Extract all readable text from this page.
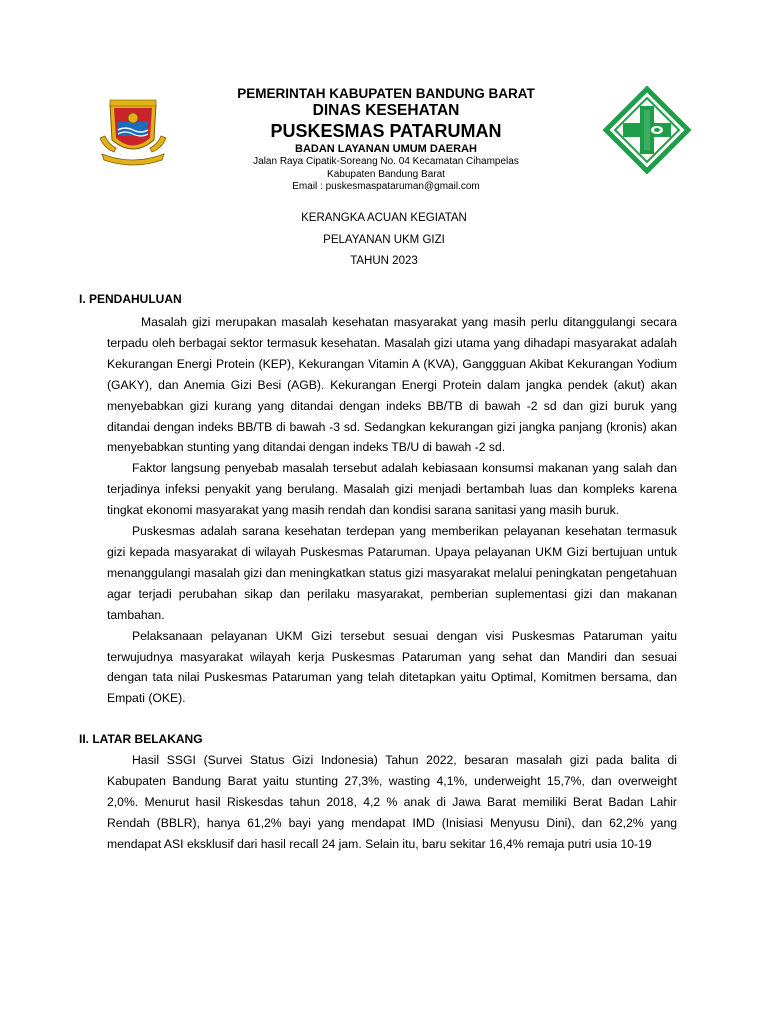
PEMERINTAH KABUPATEN BANDUNG BARAT
DINAS KESEHATAN
PUSKESMAS PATARUMAN
BADAN LAYANAN UMUM DAERAH
Jalan Raya Cipatik-Soreang No. 04 Kecamatan Cihampelas
Kabupaten Bandung Barat
Email : puskesmaspataruman@gmail.com
KERANGKA ACUAN KEGIATAN
PELAYANAN UKM GIZI
TAHUN 2023
I. PENDAHULUAN

Masalah gizi merupakan masalah kesehatan masyarakat yang masih perlu ditanggulangi secara terpadu oleh berbagai sektor termasuk kesehatan. Masalah gizi utama yang dihadapi masyarakat adalah Kekurangan Energi Protein (KEP), Kekurangan Vitamin A (KVA), Ganggguan Akibat Kekurangan Yodium (GAKY), dan Anemia Gizi Besi (AGB). Kekurangan Energi Protein dalam jangka pendek (akut) akan menyebabkan gizi kurang yang ditandai dengan indeks BB/TB di bawah -2 sd dan gizi buruk yang ditandai dengan indeks BB/TB di bawah -3 sd. Sedangkan kekurangan gizi jangka panjang (kronis) akan menyebabkan stunting yang ditandai dengan indeks TB/U di bawah -2 sd.

Faktor langsung penyebab masalah tersebut adalah kebiasaan konsumsi makanan yang salah dan terjadinya infeksi penyakit yang berulang. Masalah gizi menjadi bertambah luas dan kompleks karena tingkat ekonomi masyarakat yang masih rendah dan kondisi sarana sanitasi yang masih buruk.

Puskesmas adalah sarana kesehatan terdepan yang memberikan pelayanan kesehatan termasuk gizi kepada masyarakat di wilayah Puskesmas Pataruman. Upaya pelayanan UKM Gizi bertujuan untuk menanggulangi masalah gizi dan meningkatkan status gizi masyarakat melalui peningkatan pengetahuan agar terjadi perubahan sikap dan perilaku masyarakat, pemberian suplementasi gizi dan makanan tambahan.

Pelaksanaan pelayanan UKM Gizi tersebut sesuai dengan visi Puskesmas Pataruman yaitu terwujudnya masyarakat wilayah kerja Puskesmas Pataruman yang sehat dan Mandiri dan sesuai dengan tata nilai Puskesmas Pataruman yang telah ditetapkan yaitu Optimal, Komitmen bersama, dan Empati (OKE).

II. LATAR BELAKANG

Hasil SSGI (Survei Status Gizi Indonesia) Tahun 2022, besaran masalah gizi pada balita di Kabupaten Bandung Barat yaitu stunting 27,3%, wasting 4,1%, underweight 15,7%, dan overweight 2,0%. Menurut hasil Riskesdas tahun 2018, 4,2 % anak di Jawa Barat memiliki Berat Badan Lahir Rendah (BBLR), hanya 61,2% bayi yang mendapat IMD (Inisiasi Menyusu Dini), dan 62,2% yang mendapat ASI eksklusif dari hasil recall 24 jam. Selain itu, baru sekitar 16,4% remaja putri usia 10-19
